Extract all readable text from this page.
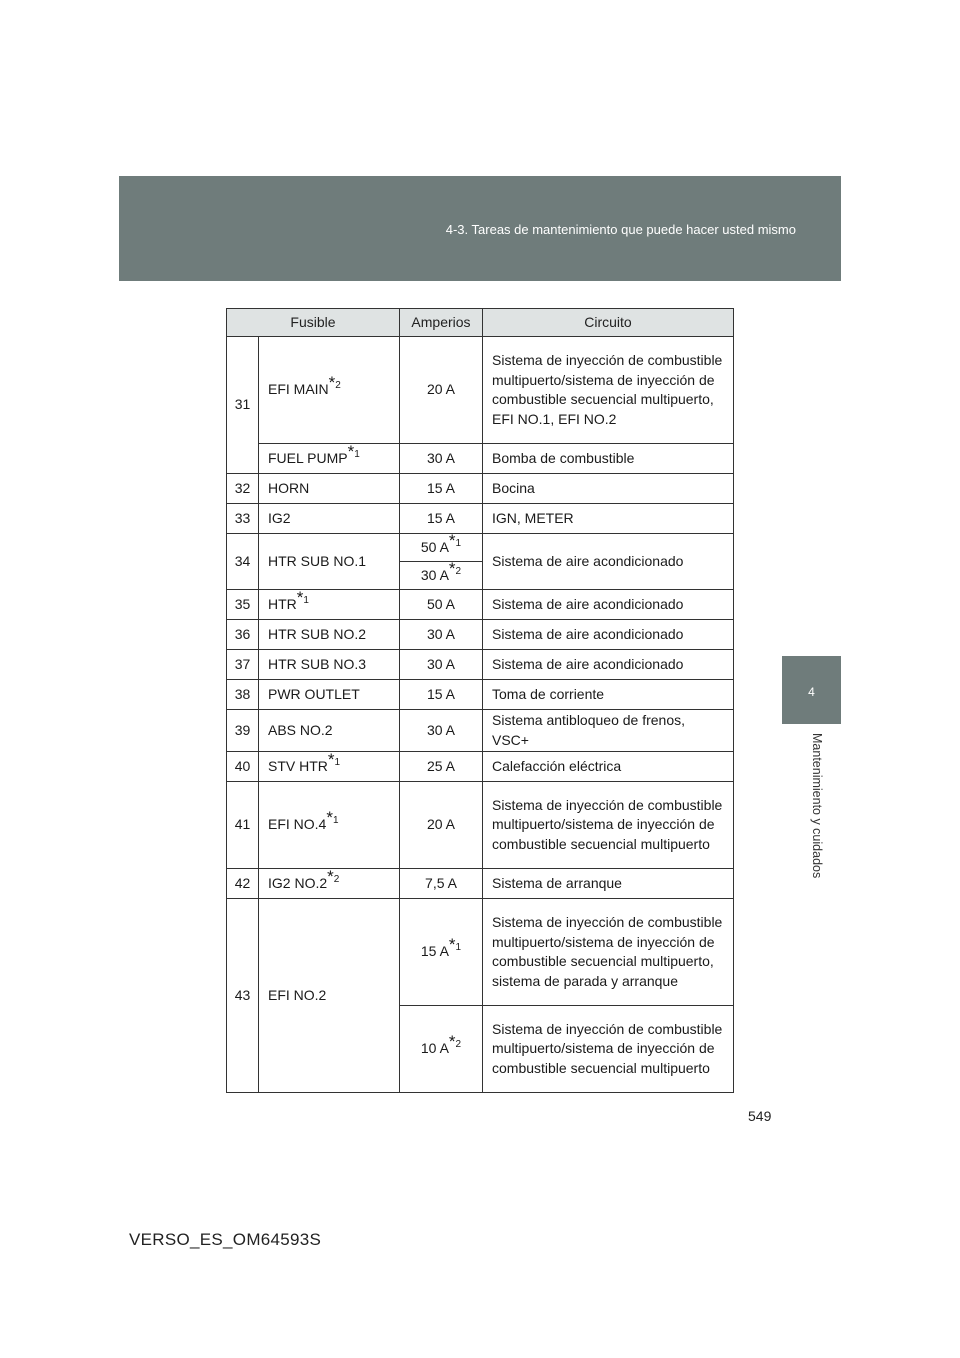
4-3. Tareas de mantenimiento que puede hacer usted mismo
4
Mantenimiento y cuidados
Fusible		Amperios	Circuito
31	EFI MAIN$^{*2}$	20 A	Sistema de inyección de combustible multipuerto/sistema de inyección de combustible secuencial multipuerto, EFI NO.1, EFI NO.2
	FUEL PUMP$^{*1}$	30 A	Bomba de combustible
32	HORN	15 A	Bocina
33	IG2	15 A	IGN, METER
34	HTR SUB NO.1	50 $A^{*1}$	Sistema de aire acondicionado
		30 $A^{*2}$
35	HTR$^{*1}$	50 A	Sistema de aire acondicionado
36	HTR SUB NO.2	30 A	Sistema de aire acondicionado
37	HTR SUB NO.3	30 A	Sistema de aire acondicionado
38	PWR OUTLET	15 A	Toma de corriente
39	ABS NO.2	30 A	Sistema antibloqueo de frenos, VSC+
40	STV HTR$^{*1}$	25 A	Calefacción eléctrica
41	EFI NO.4$^{*1}$	20 A	Sistema de inyección de combustible multipuerto/sistema de inyección de combustible secuencial multipuerto
42	IG2 NO.2$^{*2}$	7,5 A	Sistema de arranque
43	EFI NO.2	15 $A^{*1}$	Sistema de inyección de combustible multipuerto/sistema de inyección de combustible secuencial multipuerto, sistema de parada y arranque
		10 $A^{*2}$	Sistema de inyección de combustible multipuerto/sistema de inyección de combustible secuencial multipuerto
549
VERSO_ES_OM64593S
